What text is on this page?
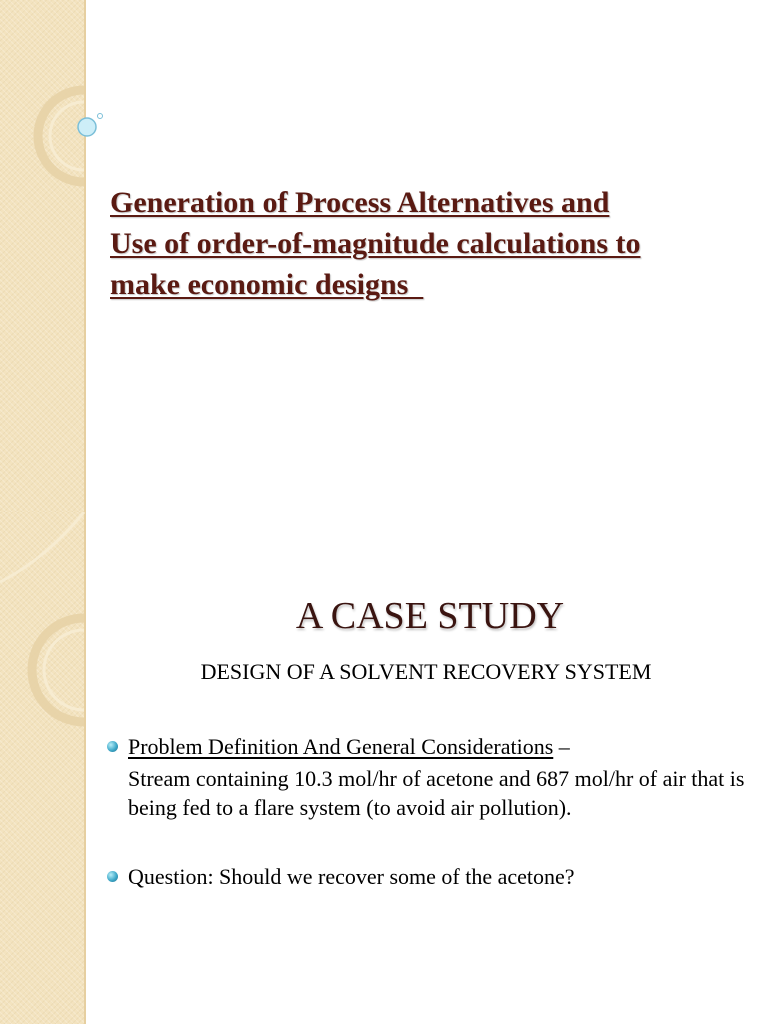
Generation of Process Alternatives and
Use of order-of-magnitude calculations to
make economic designs
A CASE STUDY

DESIGN OF A SOLVENT RECOVERY SYSTEM

Problem Definition And General Considerations –
Stream containing 10.3 mol/hr of acetone and 687 mol/hr of air that is being fed to a flare system (to avoid air pollution).
Question: Should we recover some of the acetone?
